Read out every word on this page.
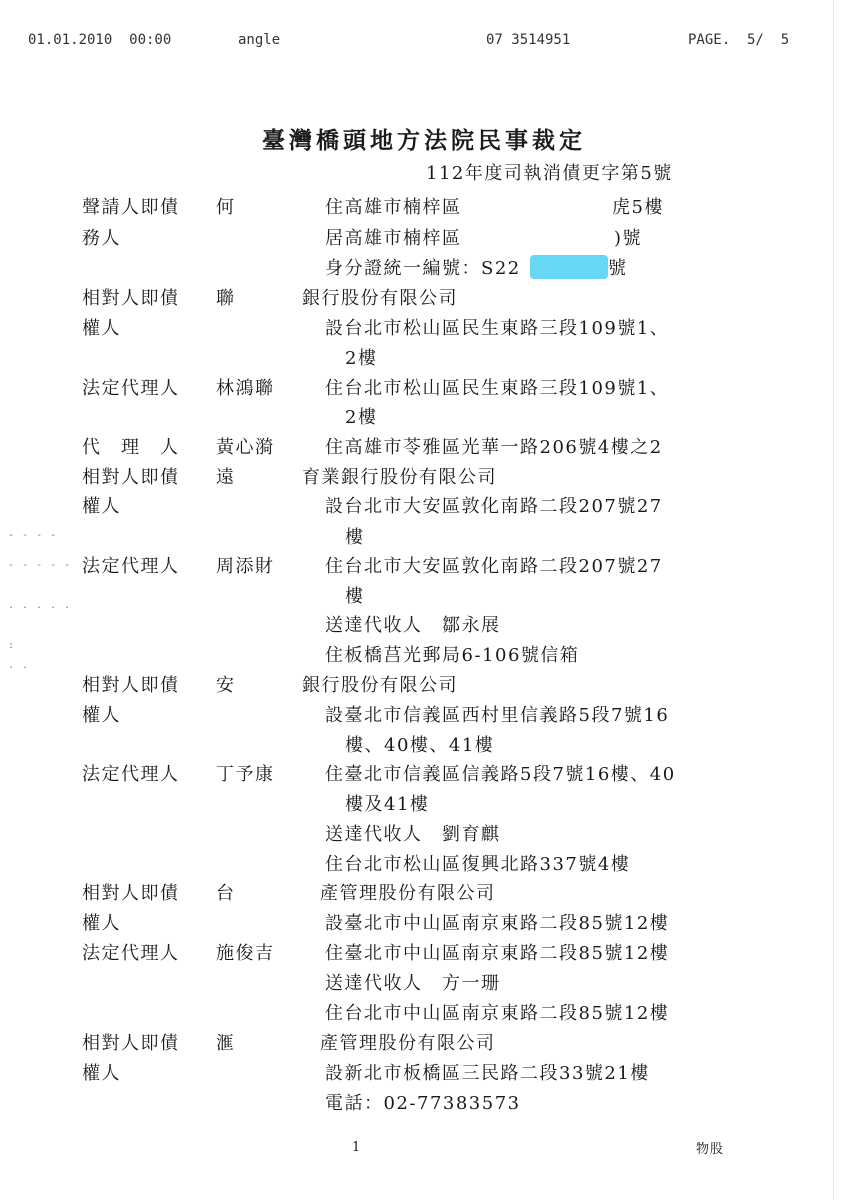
01.01.2010  00:00	angle	07 3514951	PAGE.  5/  5
臺灣橋頭地方法院民事裁定
112年度司執消債更字第5號
聲請人即債 何	住高雄市楠梓區	虎5樓
務人	居高雄市楠梓區	)號
身分證統一編號：S22	號
相對人即債 聯	銀行股份有限公司
權人	設台北市松山區民生東路三段109號1、
2樓
法定代理人 林鴻聯	住台北市松山區民生東路三段109號1、
2樓
代　理　人 黃心漪	住高雄市苓雅區光華一路206號4樓之2
相對人即債 遠	育業銀行股份有限公司
權人	設台北市大安區敦化南路二段207號27
樓
法定代理人 周添財	住台北市大安區敦化南路二段207號27
樓
送達代收人　鄒永展
住板橋莒光郵局6-106號信箱
相對人即債 安	銀行股份有限公司
權人	設臺北市信義區西村里信義路5段7號16
樓、40樓、41樓
法定代理人 丁予康	住臺北市信義區信義路5段7號16樓、40
樓及41樓
送達代收人　劉育麒
住台北市松山區復興北路337號4樓
相對人即債 台	產管理股份有限公司
權人	設臺北市中山區南京東路二段85號12樓
法定代理人 施俊吉	住臺北市中山區南京東路二段85號12樓
送達代收人　方一珊
住台北市中山區南京東路二段85號12樓
相對人即債 滙	產管理股份有限公司
權人	設新北市板橋區三民路二段33號21樓
電話：02-77383573
- - - -
- - - - -
. . . . .
:
. .
1	物股
